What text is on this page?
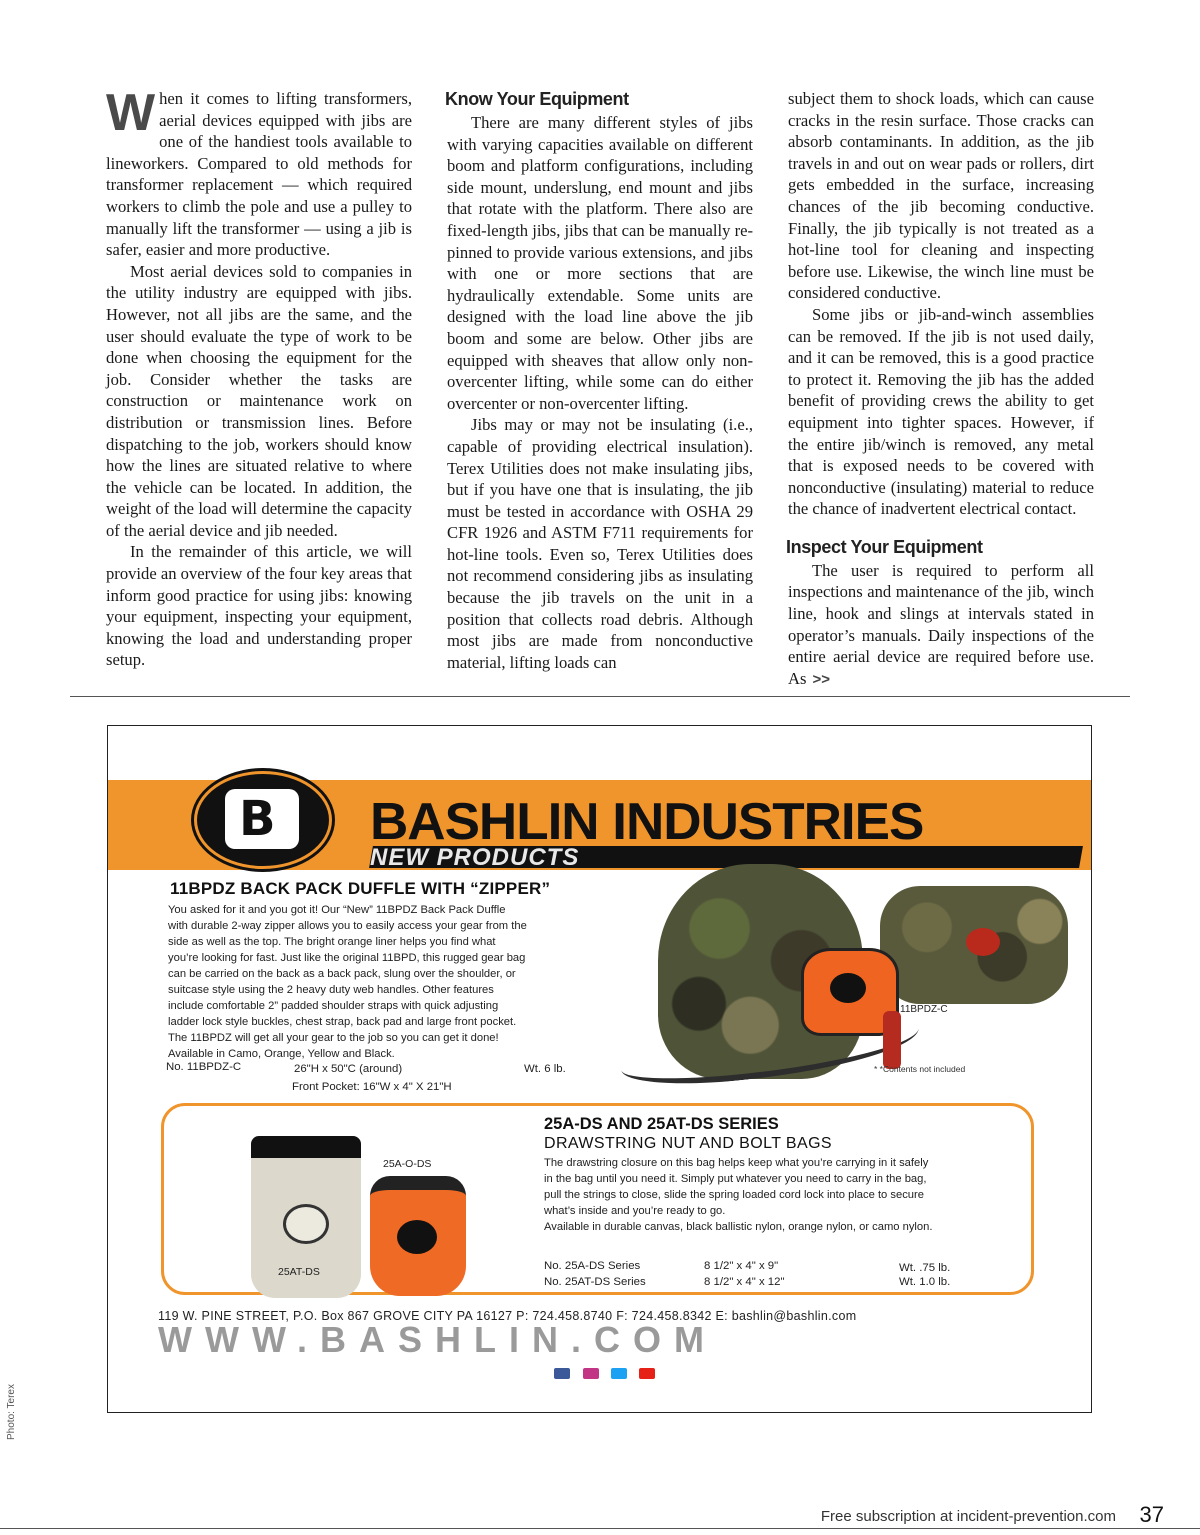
When it comes to lifting transformers, aerial devices equipped with jibs are one of the handiest tools available to lineworkers. Compared to old methods for transformer replacement — which required workers to climb the pole and use a pulley to manually lift the transformer — using a jib is safer, easier and more productive.

Most aerial devices sold to companies in the utility industry are equipped with jibs. However, not all jibs are the same, and the user should evaluate the type of work to be done when choosing the equipment for the job. Consider whether the tasks are construction or maintenance work on distribution or transmission lines. Before dispatching to the job, workers should know how the lines are situated relative to where the vehicle can be located. In addition, the weight of the load will determine the capacity of the aerial device and jib needed.

In the remainder of this article, we will provide an overview of the four key areas that inform good practice for using jibs: knowing your equipment, inspecting your equipment, knowing the load and understanding proper setup.

Know Your Equipment

There are many different styles of jibs with varying capacities available on different boom and platform configurations, including side mount, underslung, end mount and jibs that rotate with the platform. There also are fixed-length jibs, jibs that can be manually re-pinned to provide various extensions, and jibs with one or more sections that are hydraulically extendable. Some units are designed with the load line above the jib boom and some are below. Other jibs are equipped with sheaves that allow only non-overcenter lifting, while some can do either overcenter or non-overcenter lifting.

Jibs may or may not be insulating (i.e., capable of providing electrical insulation). Terex Utilities does not make insulating jibs, but if you have one that is insulating, the jib must be tested in accordance with OSHA 29 CFR 1926 and ASTM F711 requirements for hot-line tools. Even so, Terex Utilities does not recommend considering jibs as insulating because the jib travels on the unit in a position that collects road debris. Although most jibs are made from nonconductive material, lifting loads can

subject them to shock loads, which can cause cracks in the resin surface. Those cracks can absorb contaminants. In addition, as the jib travels in and out on wear pads or rollers, dirt gets embedded in the surface, increasing chances of the jib becoming conductive. Finally, the jib typically is not treated as a hot-line tool for cleaning and inspecting before use. Likewise, the winch line must be considered conductive.

Some jibs or jib-and-winch assemblies can be removed. If the jib is not used daily, and it can be removed, this is a good practice to protect it. Removing the jib has the added benefit of providing crews the ability to get equipment into tighter spaces. However, if the entire jib/winch is removed, any metal that is exposed needs to be covered with nonconductive (insulating) material to reduce the chance of inadvertent electrical contact.

Inspect Your Equipment

The user is required to perform all inspections and maintenance of the jib, winch line, hook and slings at intervals stated in operator’s manuals. Daily inspections of the entire aerial device are required before use. As >>

B BASHLIN INDUSTRIES
NEW PRODUCTS
11BPDZ BACK PACK DUFFLE WITH “ZIPPER”

You asked for it and you got it! Our “New” 11BPDZ Back Pack Duffle

with durable 2-way zipper allows you to easily access your gear from the

side as well as the top. The bright orange liner helps you find what

you’re looking for fast. Just like the original 11BPD, this rugged gear bag

can be carried on the back as a back pack, slung over the shoulder, or

suitcase style using the 2 heavy duty web handles. Other features

include comfortable 2” padded shoulder straps with quick adjusting

ladder lock style buckles, chest strap, back pad and large front pocket.

The 11BPDZ will get all your gear to the job so you can get it done!

Available in Camo, Orange, Yellow and Black.

No. 11BPDZ-C	26"H x 50"C (around)	Wt. 6 lb.
Front Pocket: 16"W x 4" X 21"H
11BPDZ-C
* *Contents not included
25A-O-DS
25AT-DS
25A-DS AND 25AT-DS SERIES
DRAWSTRING NUT AND BOLT BAGS

The drawstring closure on this bag helps keep what you’re carrying in it safely

in the bag until you need it. Simply put whatever you need to carry in the bag,

pull the strings to close, slide the spring loaded cord lock into place to secure

what’s inside and you’re ready to go.

Available in durable canvas, black ballistic nylon, orange nylon, or camo nylon.

No. 25A-DS Series	8 1/2" x 4" x 9"	Wt. .75 lb.
No. 25AT-DS Series	8 1/2" x 4" x 12"	Wt. 1.0 lb.
119 W. PINE STREET, P.O. Box 867 GROVE CITY PA 16127 P: 724.458.8740 F: 724.458.8342 E: bashlin@bashlin.com
WWW.BASHLIN.COM
Photo: Terex
Free subscription at incident-prevention.com 37
